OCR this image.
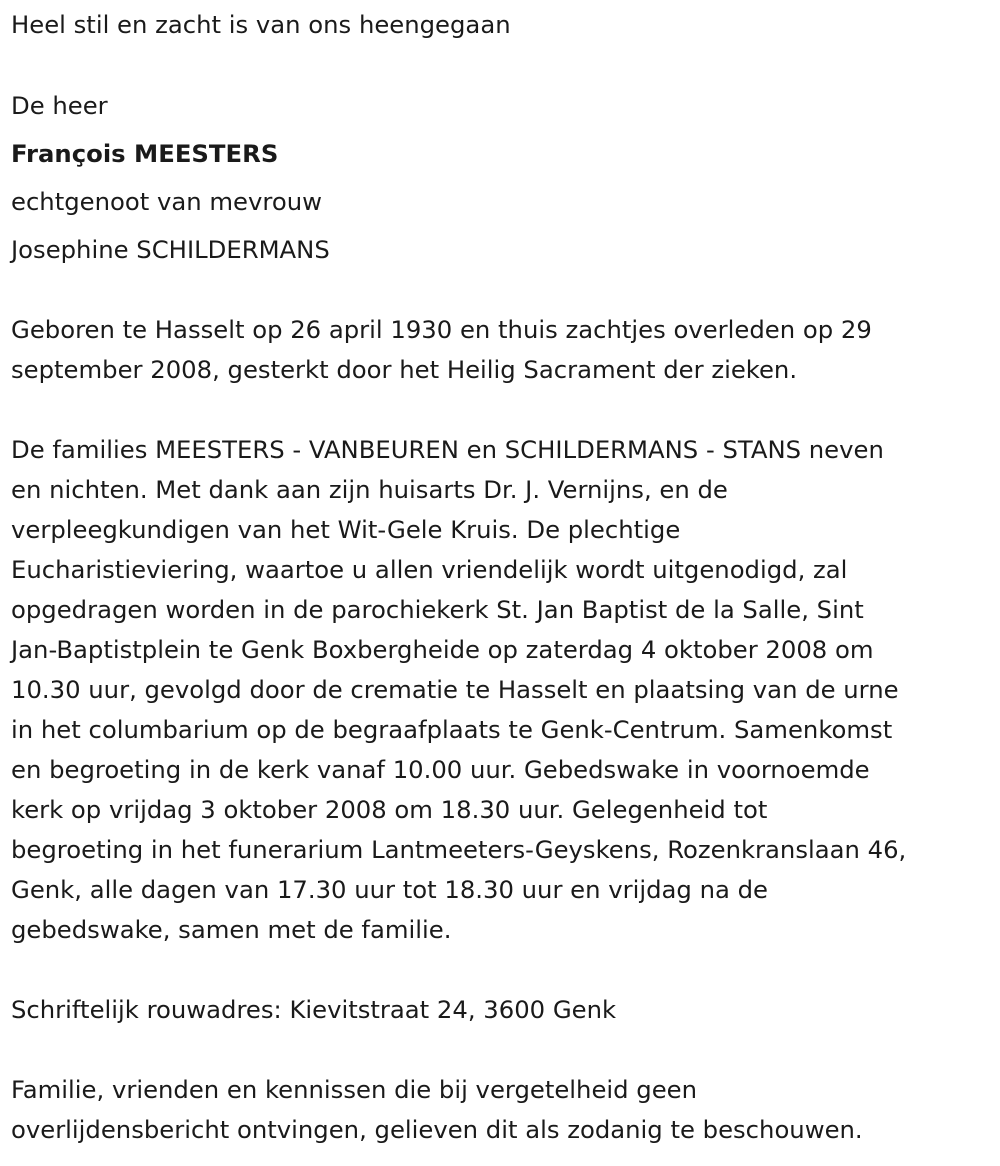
Heel stil en zacht is van ons heengegaan
De heer
François MEESTERS
echtgenoot van mevrouw
Josephine SCHILDERMANS
Geboren te Hasselt op 26 april 1930 en thuis zachtjes overleden op 29
september 2008, gesterkt door het Heilig Sacrament der zieken.
De families MEESTERS - VANBEUREN en SCHILDERMANS - STANS neven
en nichten. Met dank aan zijn huisarts Dr. J. Vernijns, en de
verpleegkundigen van het Wit-Gele Kruis. De plechtige
Eucharistieviering, waartoe u allen vriendelijk wordt uitgenodigd, zal
opgedragen worden in de parochiekerk St. Jan Baptist de la Salle, Sint
Jan-Baptistplein te Genk Boxbergheide op zaterdag 4 oktober 2008 om
10.30 uur, gevolgd door de crematie te Hasselt en plaatsing van de urne
in het columbarium op de begraafplaats te Genk-Centrum. Samenkomst
en begroeting in de kerk vanaf 10.00 uur. Gebedswake in voornoemde
kerk op vrijdag 3 oktober 2008 om 18.30 uur. Gelegenheid tot
begroeting in het funerarium Lantmeeters-Geyskens, Rozenkranslaan 46,
Genk, alle dagen van 17.30 uur tot 18.30 uur en vrijdag na de
gebedswake, samen met de familie.
Schriftelijk rouwadres: Kievitstraat 24, 3600 Genk
Familie, vrienden en kennissen die bij vergetelheid geen
overlijdensbericht ontvingen, gelieven dit als zodanig te beschouwen.
